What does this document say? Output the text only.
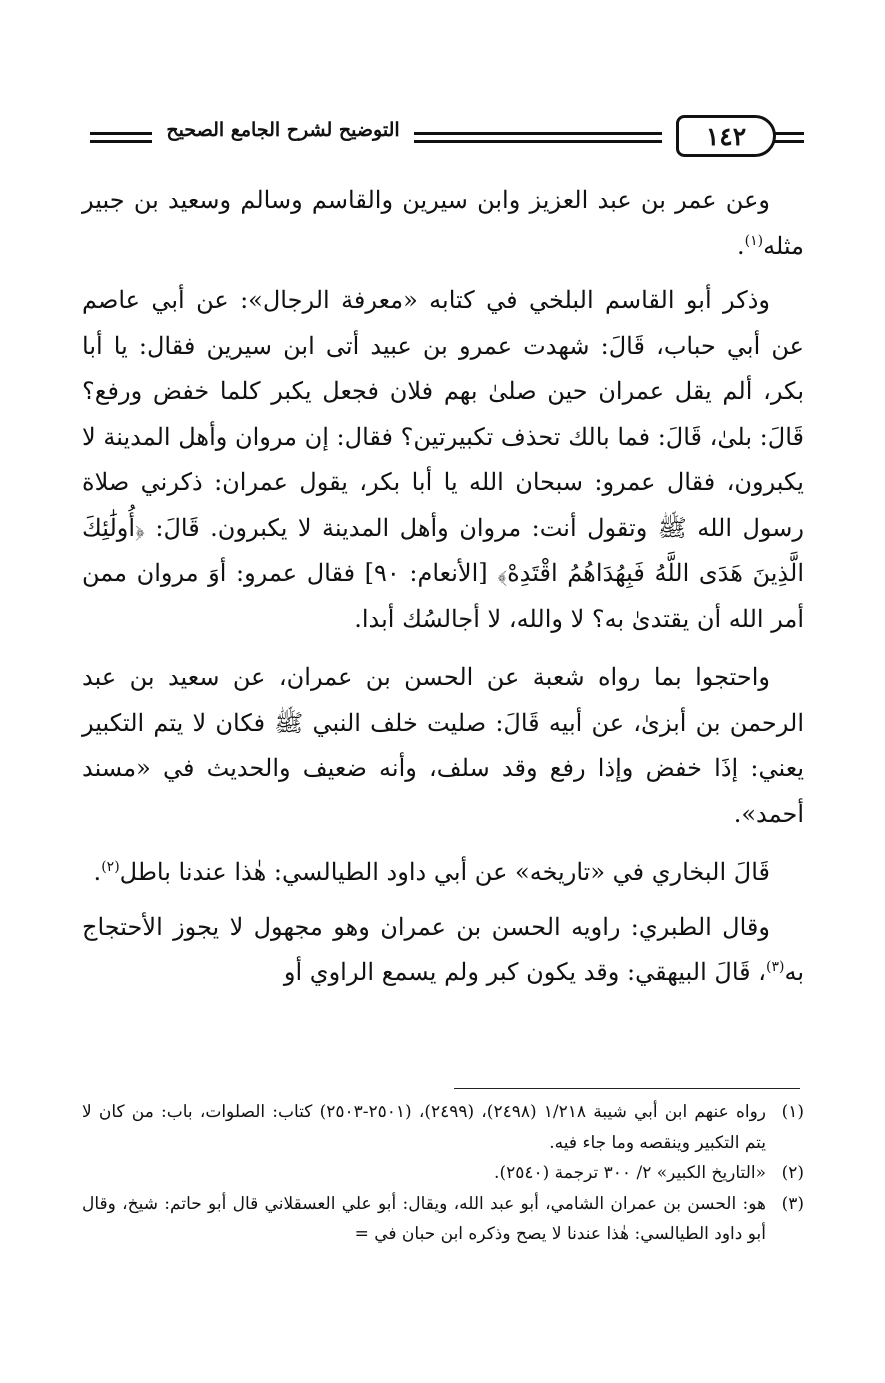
التوضيح لشرح الجامع الصحيح	١٤٢

وعن عمر بن عبد العزيز وابن سيرين والقاسم وسالم وسعيد بن جبير مثله$^{(١)}$.

وذكر أبو القاسم البلخي في كتابه «معرفة الرجال»: عن أبي عاصم عن أبي حباب، قَالَ: شهدت عمرو بن عبيد أتى ابن سيرين فقال: يا أبا بكر، ألم يقل عمران حين صلىٰ بهم فلان فجعل يكبر كلما خفض ورفع؟ قَالَ: بلىٰ، قَالَ: فما بالك تحذف تكبيرتين؟ فقال: إن مروان وأهل المدينة لا يكبرون، فقال عمرو: سبحان الله يا أبا بكر، يقول عمران: ذكرني صلاة رسول الله ﷺ وتقول أنت: مروان وأهل المدينة لا يكبرون. قَالَ: ﴿أُولَٰئِكَ الَّذِينَ هَدَى اللَّهُ فَبِهُدَاهُمُ اقْتَدِهْ﴾ [الأنعام: ٩٠] فقال عمرو: أوَ مروان ممن أمر الله أن يقتدىٰ به؟ لا والله، لا أجالسُك أبدا.

واحتجوا بما رواه شعبة عن الحسن بن عمران، عن سعيد بن عبد الرحمن بن أبزىٰ، عن أبيه قَالَ: صليت خلف النبي ﷺ فكان لا يتم التكبير يعني: إذَا خفض وإذا رفع وقد سلف، وأنه ضعيف والحديث في «مسند أحمد».

قَالَ البخاري في «تاريخه» عن أبي داود الطيالسي: هٰذا عندنا باطل$^{(٢)}$.

وقال الطبري: راويه الحسن بن عمران وهو مجهول لا يجوز الأحتجاج به$^{(٣)}$، قَالَ البيهقي: وقد يكون كبر ولم يسمع الراوي أو

(١)
رواه عنهم ابن أبي شيبة ١/٢١٨ (٢٤٩٨)، (٢٤٩٩)، (٢٥٠١-٢٥٠٣) كتاب: الصلوات، باب: من كان لا يتم التكبير وينقصه وما جاء فيه.
(٢)
«التاريخ الكبير» ٢/ ٣٠٠ ترجمة (٢٥٤٠).
(٣)
هو: الحسن بن عمران الشامي، أبو عبد الله، ويقال: أبو علي العسقلاني قال أبو حاتم: شيخ، وقال أبو داود الطيالسي: هٰذا عندنا لا يصح وذكره ابن حبان في =
